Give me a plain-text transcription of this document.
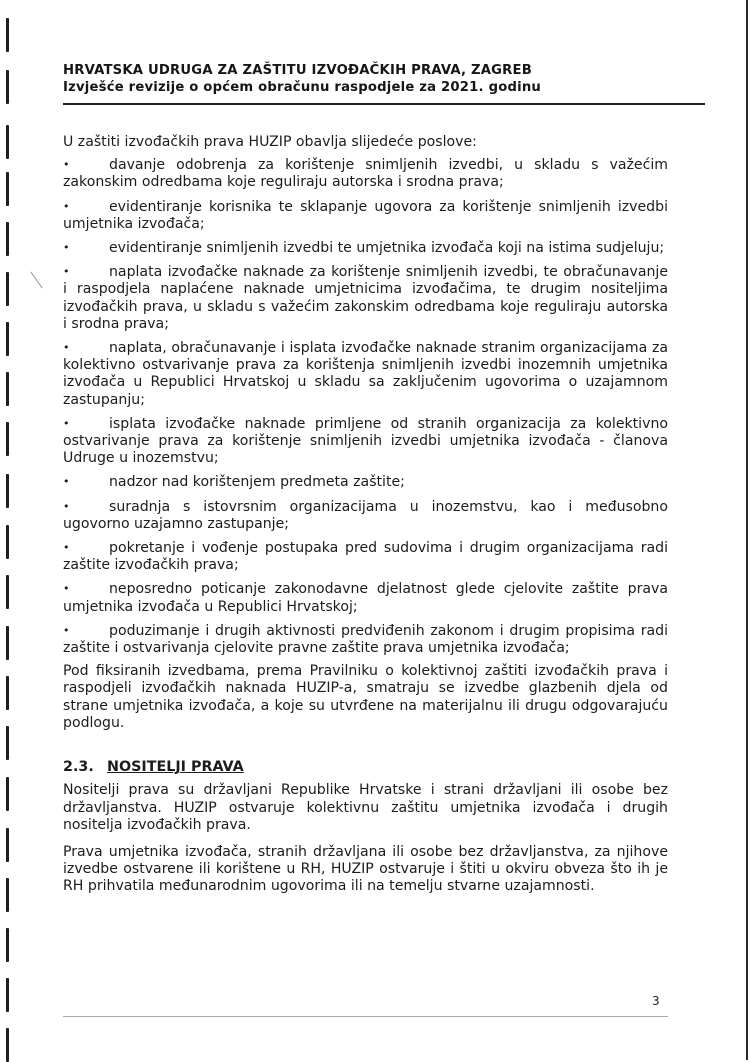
HRVATSKA UDRUGA ZA ZAŠTITU IZVOĐAČKIH PRAVA, ZAGREB
Izvješće revizije o općem obračunu raspodjele za 2021. godinu

U zaštiti izvođačkih prava HUZIP obavlja slijedeće poslove:

•	davanje odobrenja za korištenje snimljenih izvedbi, u skladu s važećim zakonskim odredbama koje reguliraju autorska i srodna prava;
•	evidentiranje korisnika te sklapanje ugovora za korištenje snimljenih izvedbi umjetnika izvođača;
•	evidentiranje snimljenih izvedbi te umjetnika izvođača koji na istima sudjeluju;
•	naplata izvođačke naknade za korištenje snimljenih izvedbi, te obračunavanje i raspodjela naplaćene naknade umjetnicima izvođačima, te drugim nositeljima izvođačkih prava, u skladu s važećim zakonskim odredbama koje reguliraju autorska i srodna prava;
•	naplata, obračunavanje i isplata izvođačke naknade stranim organizacijama za kolektivno ostvarivanje prava za korištenja snimljenih izvedbi inozemnih umjetnika izvođača u Republici Hrvatskoj u skladu sa zaključenim ugovorima o uzajamnom zastupanju;
•	isplata izvođačke naknade primljene od stranih organizacija za kolektivno ostvarivanje prava za korištenje snimljenih izvedbi umjetnika izvođača - članova Udruge u inozemstvu;
•	nadzor nad korištenjem predmeta zaštite;
•	suradnja s istovrsnim organizacijama u inozemstvu, kao i međusobno ugovorno uzajamno zastupanje;
•	pokretanje i vođenje postupaka pred sudovima i drugim organizacijama radi zaštite izvođačkih prava;
•	neposredno poticanje zakonodavne djelatnost glede cjelovite zaštite prava umjetnika izvođača u Republici Hrvatskoj;
•	poduzimanje i drugih aktivnosti predviđenih zakonom i drugim propisima radi zaštite i ostvarivanja cjelovite pravne zaštite prava umjetnika izvođača;

Pod fiksiranih izvedbama, prema Pravilniku o kolektivnoj zaštiti izvođačkih prava i raspodjeli izvođačkih naknada HUZIP-a, smatraju se izvedbe glazbenih djela od strane umjetnika izvođača, a koje su utvrđene na materijalnu ili drugu odgovarajuću podlogu.

2.3. NOSITELJI PRAVA

Nositelji prava su državljani Republike Hrvatske i strani državljani ili osobe bez državljanstva. HUZIP ostvaruje kolektivnu zaštitu umjetnika izvođača i drugih nositelja izvođačkih prava.

Prava umjetnika izvođača, stranih državljana ili osobe bez državljanstva, za njihove izvedbe ostvarene ili korištene u RH, HUZIP ostvaruje i štiti u okviru obveza što ih je RH prihvatila međunarodnim ugovorima ili na temelju stvarne uzajamnosti.

3
